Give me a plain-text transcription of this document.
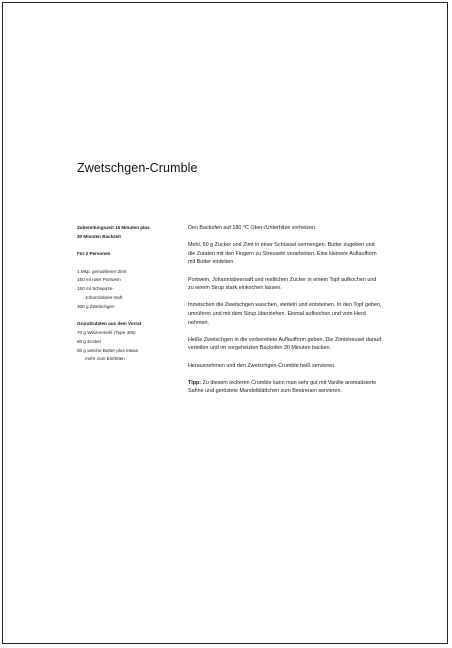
Zwetschgen-Crumble

Zubereitungszeit 15 Minuten plus

30 Minuten Backzeit

Für 2 Personen

1 Msp. gemahlener Zimt

150 ml roter Portwein

150 ml Schwarze-

Johannisbeer-Saft

300 g Zwetschgen

Grundzutaten aus dem Vorrat

70 g Weizenmehl (Type 405)

60 g Zucker

50 g weiche Butter plus etwas

mehr zum Einfetten

Den Backofen auf 180 °C Ober-/Unterhitze vorheizen.

Mehl, 50 g Zucker und Zimt in einer Schüssel vermengen. Butter zugeben und die Zutaten mit den Fingern zu Streuseln verarbeiten. Eine kleinere Auflaufform mit Butter einfetten.

Portwein, Johannisbeersaft und restlichen Zucker in einem Topf aufkochen und zu einem Sirup stark einkochen lassen.

Inzwischen die Zwetschgen waschen, vierteln und entsteinen. In den Topf geben, umrühren und mit dem Sirup überziehen. Einmal aufkochen und vom Herd nehmen.

Heiße Zwetschgen in die vorbereitete Auflaufform geben. Die Zimtstreusel darauf verteilen und im vorgeheizten Backofen 30 Minuten backen.

Herausnehmen und den Zwetschgen-Crumble heiß servieren.

Tipp: Zu diesem leckeren Crumble kann man sehr gut mit Vanille aromatisierte Sahne und geröstete Mandelblättchen zum Bestreuen servieren.
